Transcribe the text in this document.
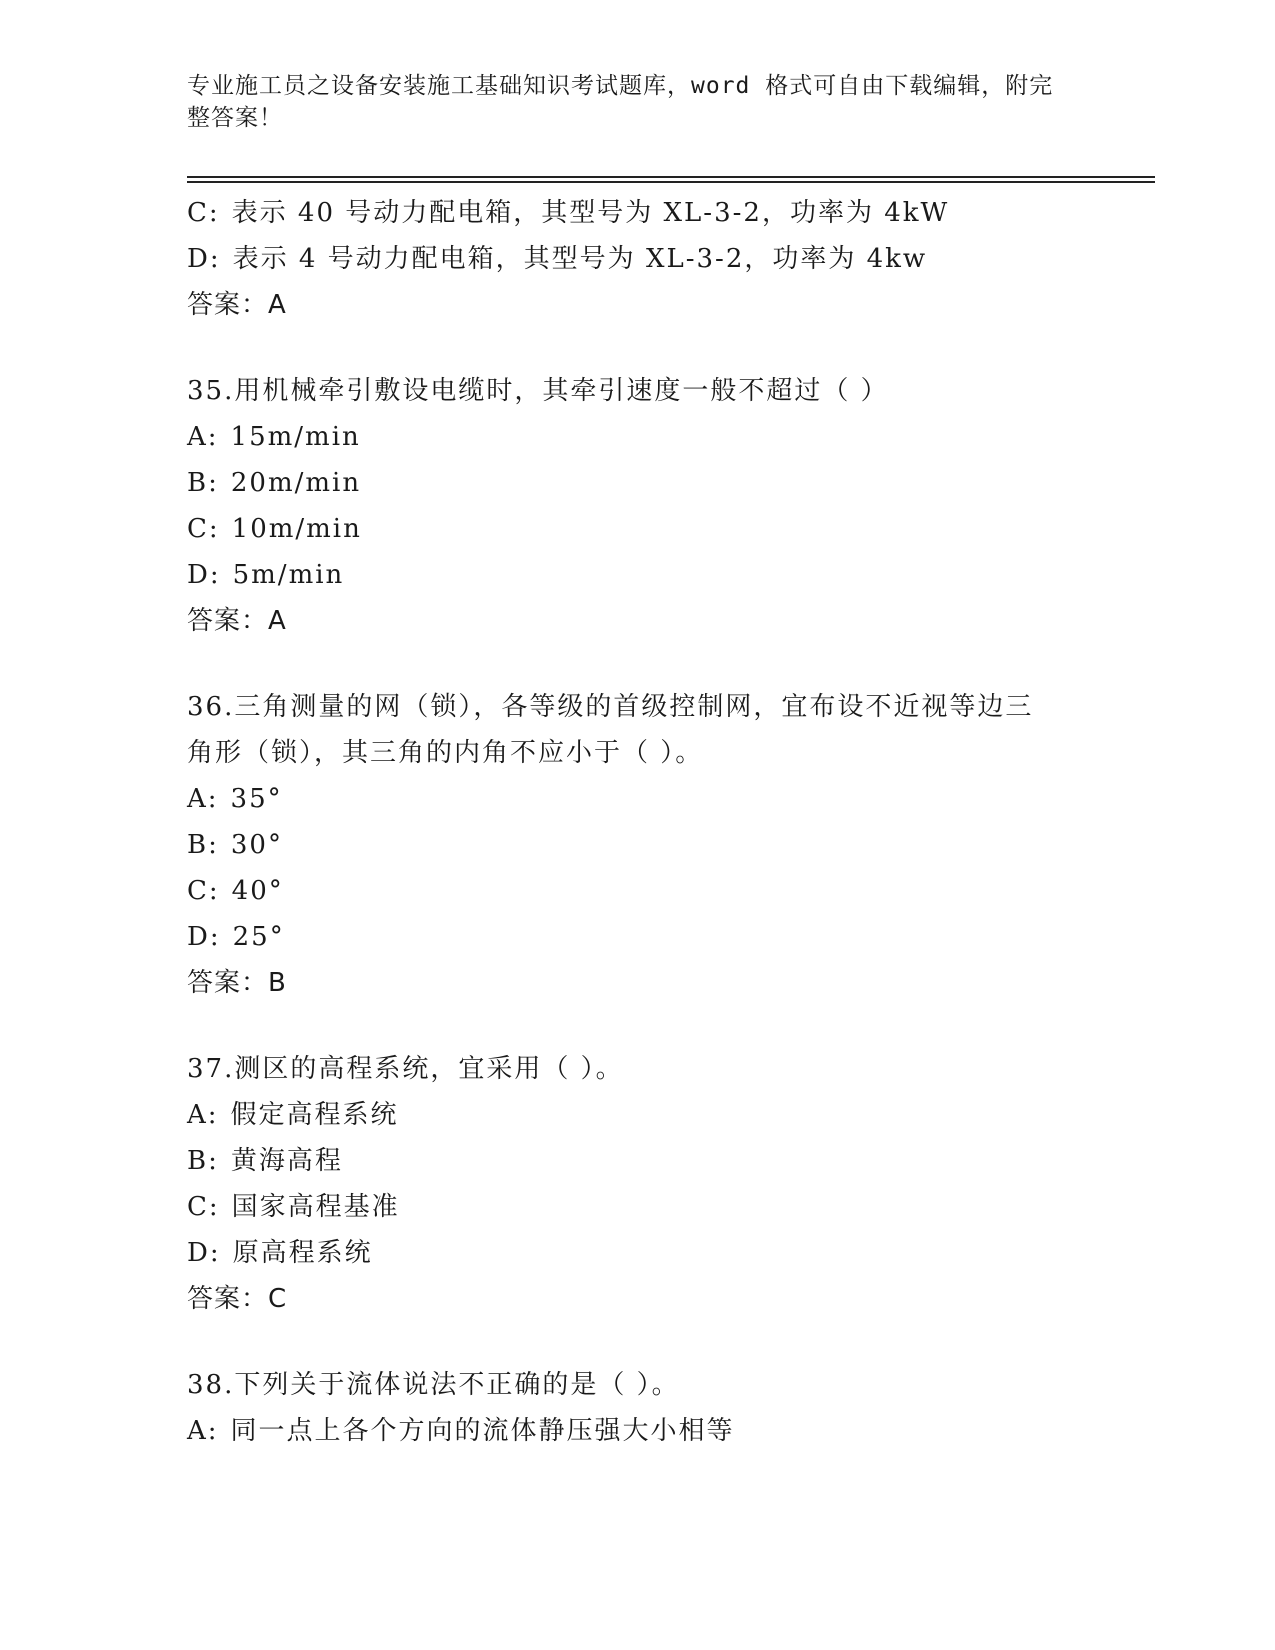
专业施工员之设备安装施工基础知识考试题库，word 格式可自由下载编辑，附完
整答案！

C: 表示 40 号动力配电箱，其型号为 XL-3-2，功率为 4kW

D: 表示 4 号动力配电箱，其型号为 XL-3-2，功率为 4kw

答案：A

35.用机械牵引敷设电缆时，其牵引速度一般不超过（ ）

A: 15m/min

B: 20m/min

C: 10m/min

D: 5m/min

答案：A

36.三角测量的网（锁），各等级的首级控制网，宜布设不近视等边三

角形（锁），其三角的内角不应小于（ ）。

A: 35°

B: 30°

C: 40°

D: 25°

答案：B

37.测区的高程系统，宜采用（ ）。

A: 假定高程系统

B: 黄海高程

C: 国家高程基准

D: 原高程系统

答案：C

38.下列关于流体说法不正确的是（ ）。

A: 同一点上各个方向的流体静压强大小相等
